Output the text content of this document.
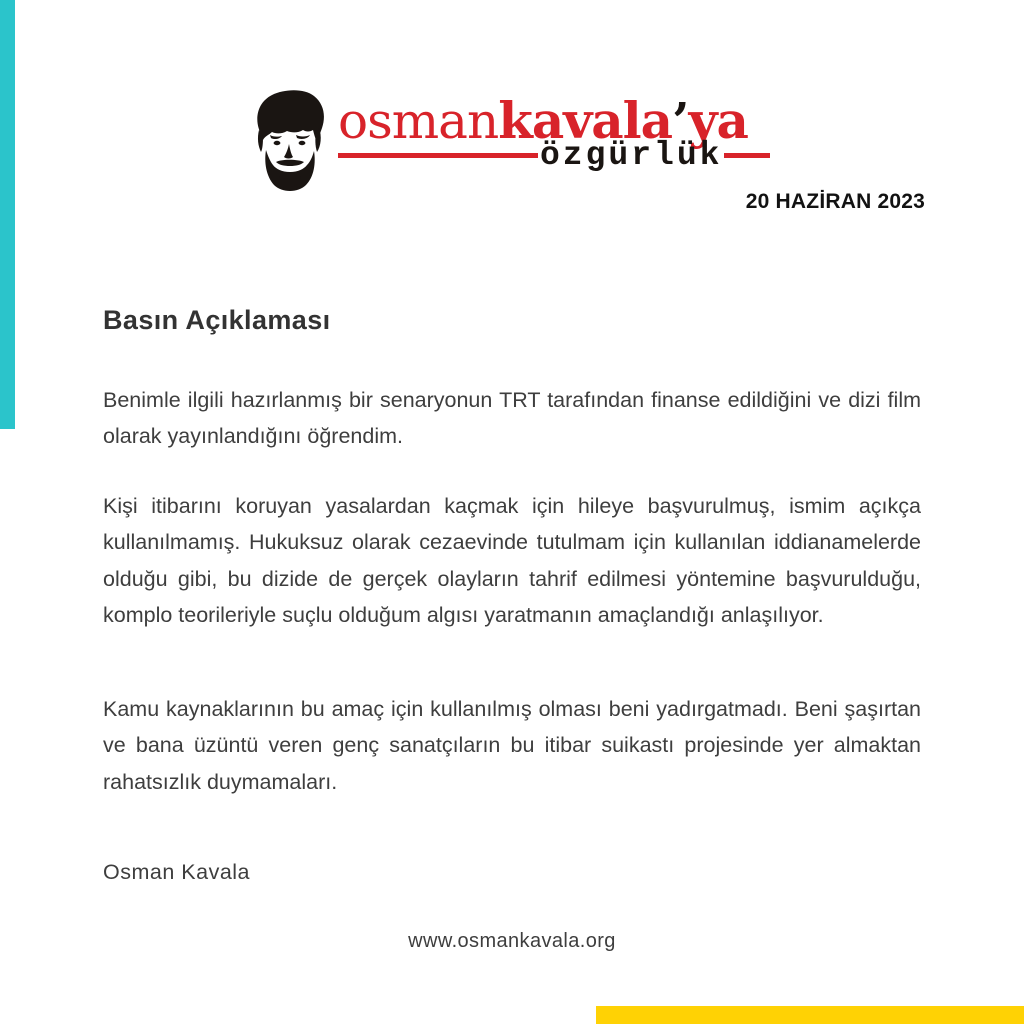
osmankavala’ya
özgürlük
20 HAZİRAN 2023
Basın Açıklaması

Benimle ilgili hazırlanmış bir senaryonun TRT tarafından finanse edildiğini ve dizi film olarak yayınlandığını öğrendim.

Kişi itibarını koruyan yasalardan kaçmak için hileye başvurulmuş, ismim açıkça kullanılmamış. Hukuksuz olarak cezaevinde tutulmam için kullanılan iddianamelerde olduğu gibi, bu dizide de gerçek olayların tahrif edilmesi yöntemine başvurulduğu, komplo teorileriyle suçlu olduğum algısı yaratmanın amaçlandığı anlaşılıyor.

Kamu kaynaklarının bu amaç için kullanılmış olması beni yadırgatmadı. Beni şaşırtan ve bana üzüntü veren genç sanatçıların bu itibar suikastı projesinde yer almaktan rahatsızlık duymamaları.

Osman Kavala
www.osmankavala.org
